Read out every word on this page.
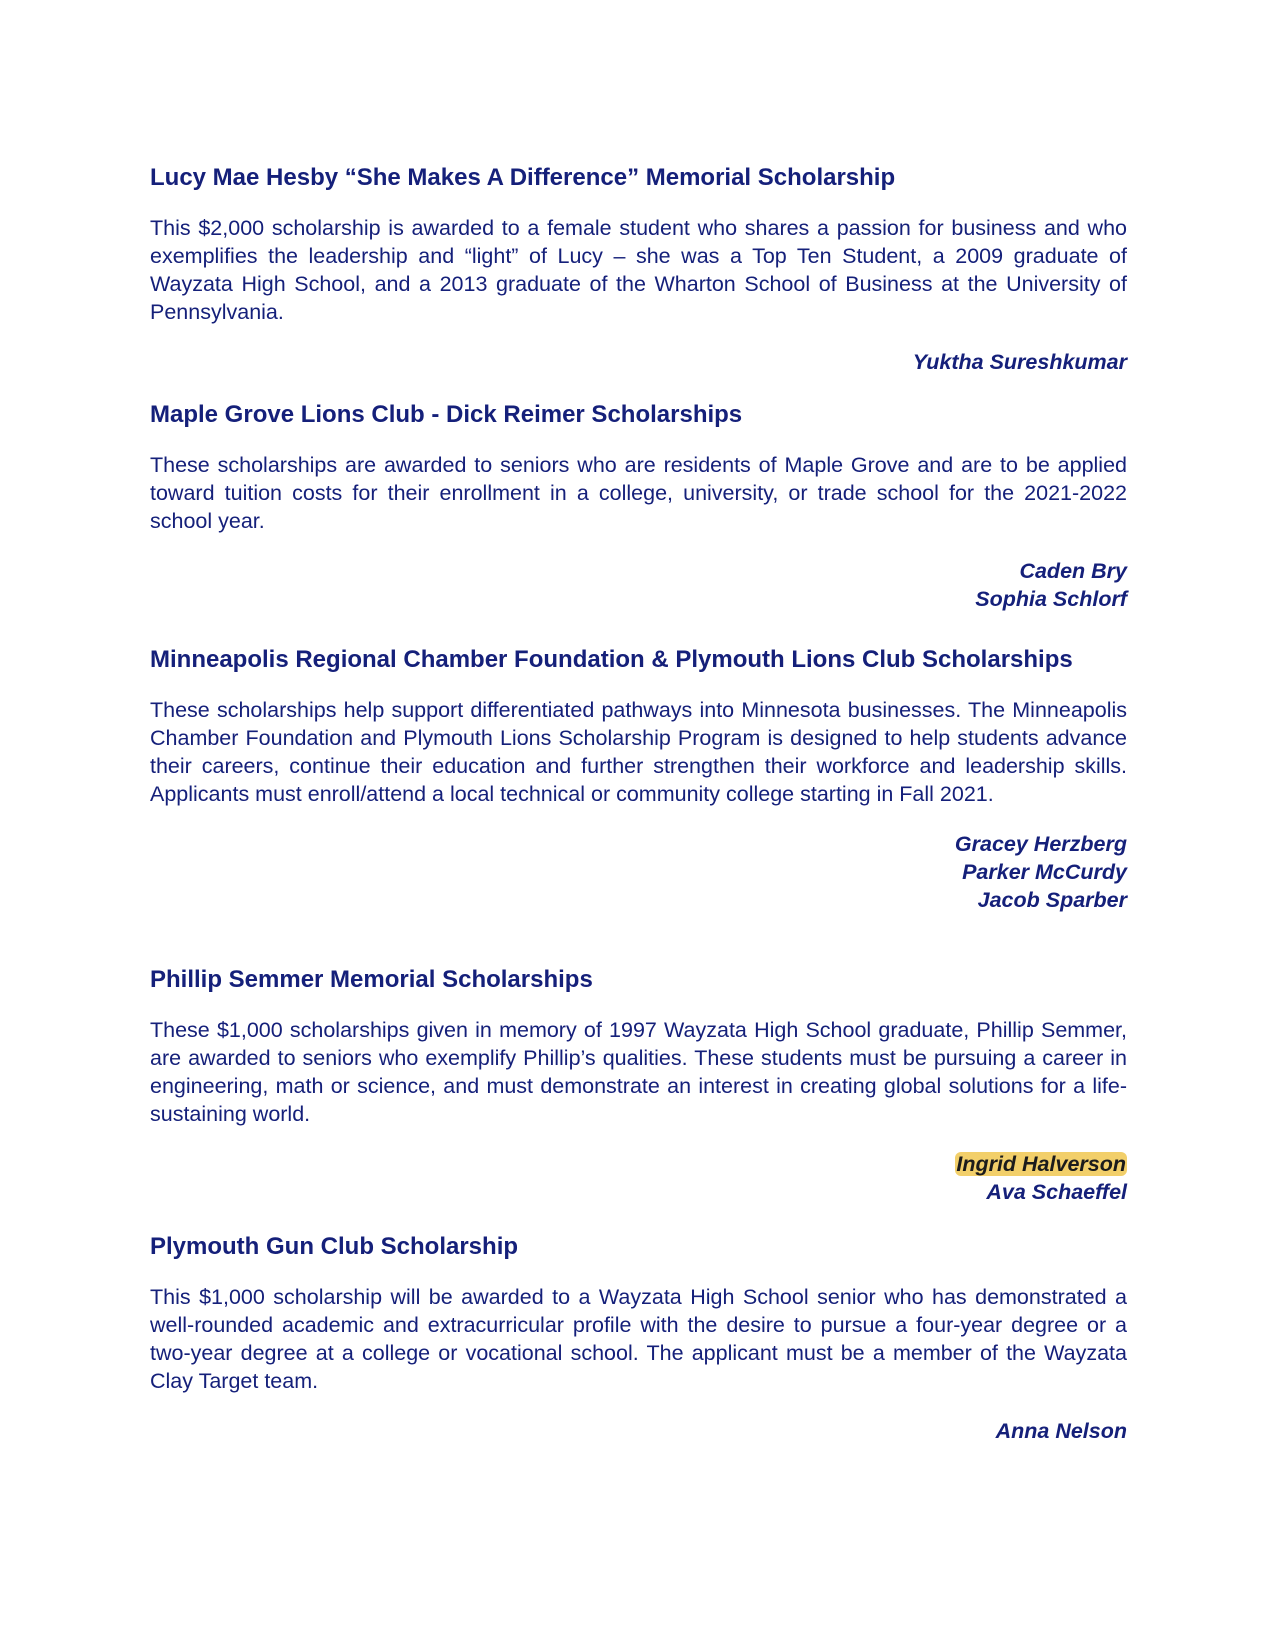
Lucy Mae Hesby “She Makes A Difference” Memorial Scholarship

This $2,000 scholarship is awarded to a female student who shares a passion for business and who exemplifies the leadership and “light” of Lucy – she was a Top Ten Student, a 2009 graduate of Wayzata High School, and a 2013 graduate of the Wharton School of Business at the University of Pennsylvania.

Yuktha Sureshkumar
Maple Grove Lions Club - Dick Reimer Scholarships

These scholarships are awarded to seniors who are residents of Maple Grove and are to be applied toward tuition costs for their enrollment in a college, university, or trade school for the 2021-2022 school year.

Caden Bry
Sophia Schlorf
Minneapolis Regional Chamber Foundation & Plymouth Lions Club Scholarships

These scholarships help support differentiated pathways into Minnesota businesses. The Minneapolis Chamber Foundation and Plymouth Lions Scholarship Program is designed to help students advance their careers, continue their education and further strengthen their workforce and leadership skills. Applicants must enroll/attend a local technical or community college starting in Fall 2021.

Gracey Herzberg
Parker McCurdy
Jacob Sparber
Phillip Semmer Memorial Scholarships

These $1,000 scholarships given in memory of 1997 Wayzata High School graduate, Phillip Semmer, are awarded to seniors who exemplify Phillip’s qualities. These students must be pursuing a career in engineering, math or science, and must demonstrate an interest in creating global solutions for a life-sustaining world.

Ingrid Halverson
Ava Schaeffel
Plymouth Gun Club Scholarship

This $1,000 scholarship will be awarded to a Wayzata High School senior who has demonstrated a well-rounded academic and extracurricular profile with the desire to pursue a four-year degree or a two-year degree at a college or vocational school. The applicant must be a member of the Wayzata Clay Target team.

Anna Nelson
